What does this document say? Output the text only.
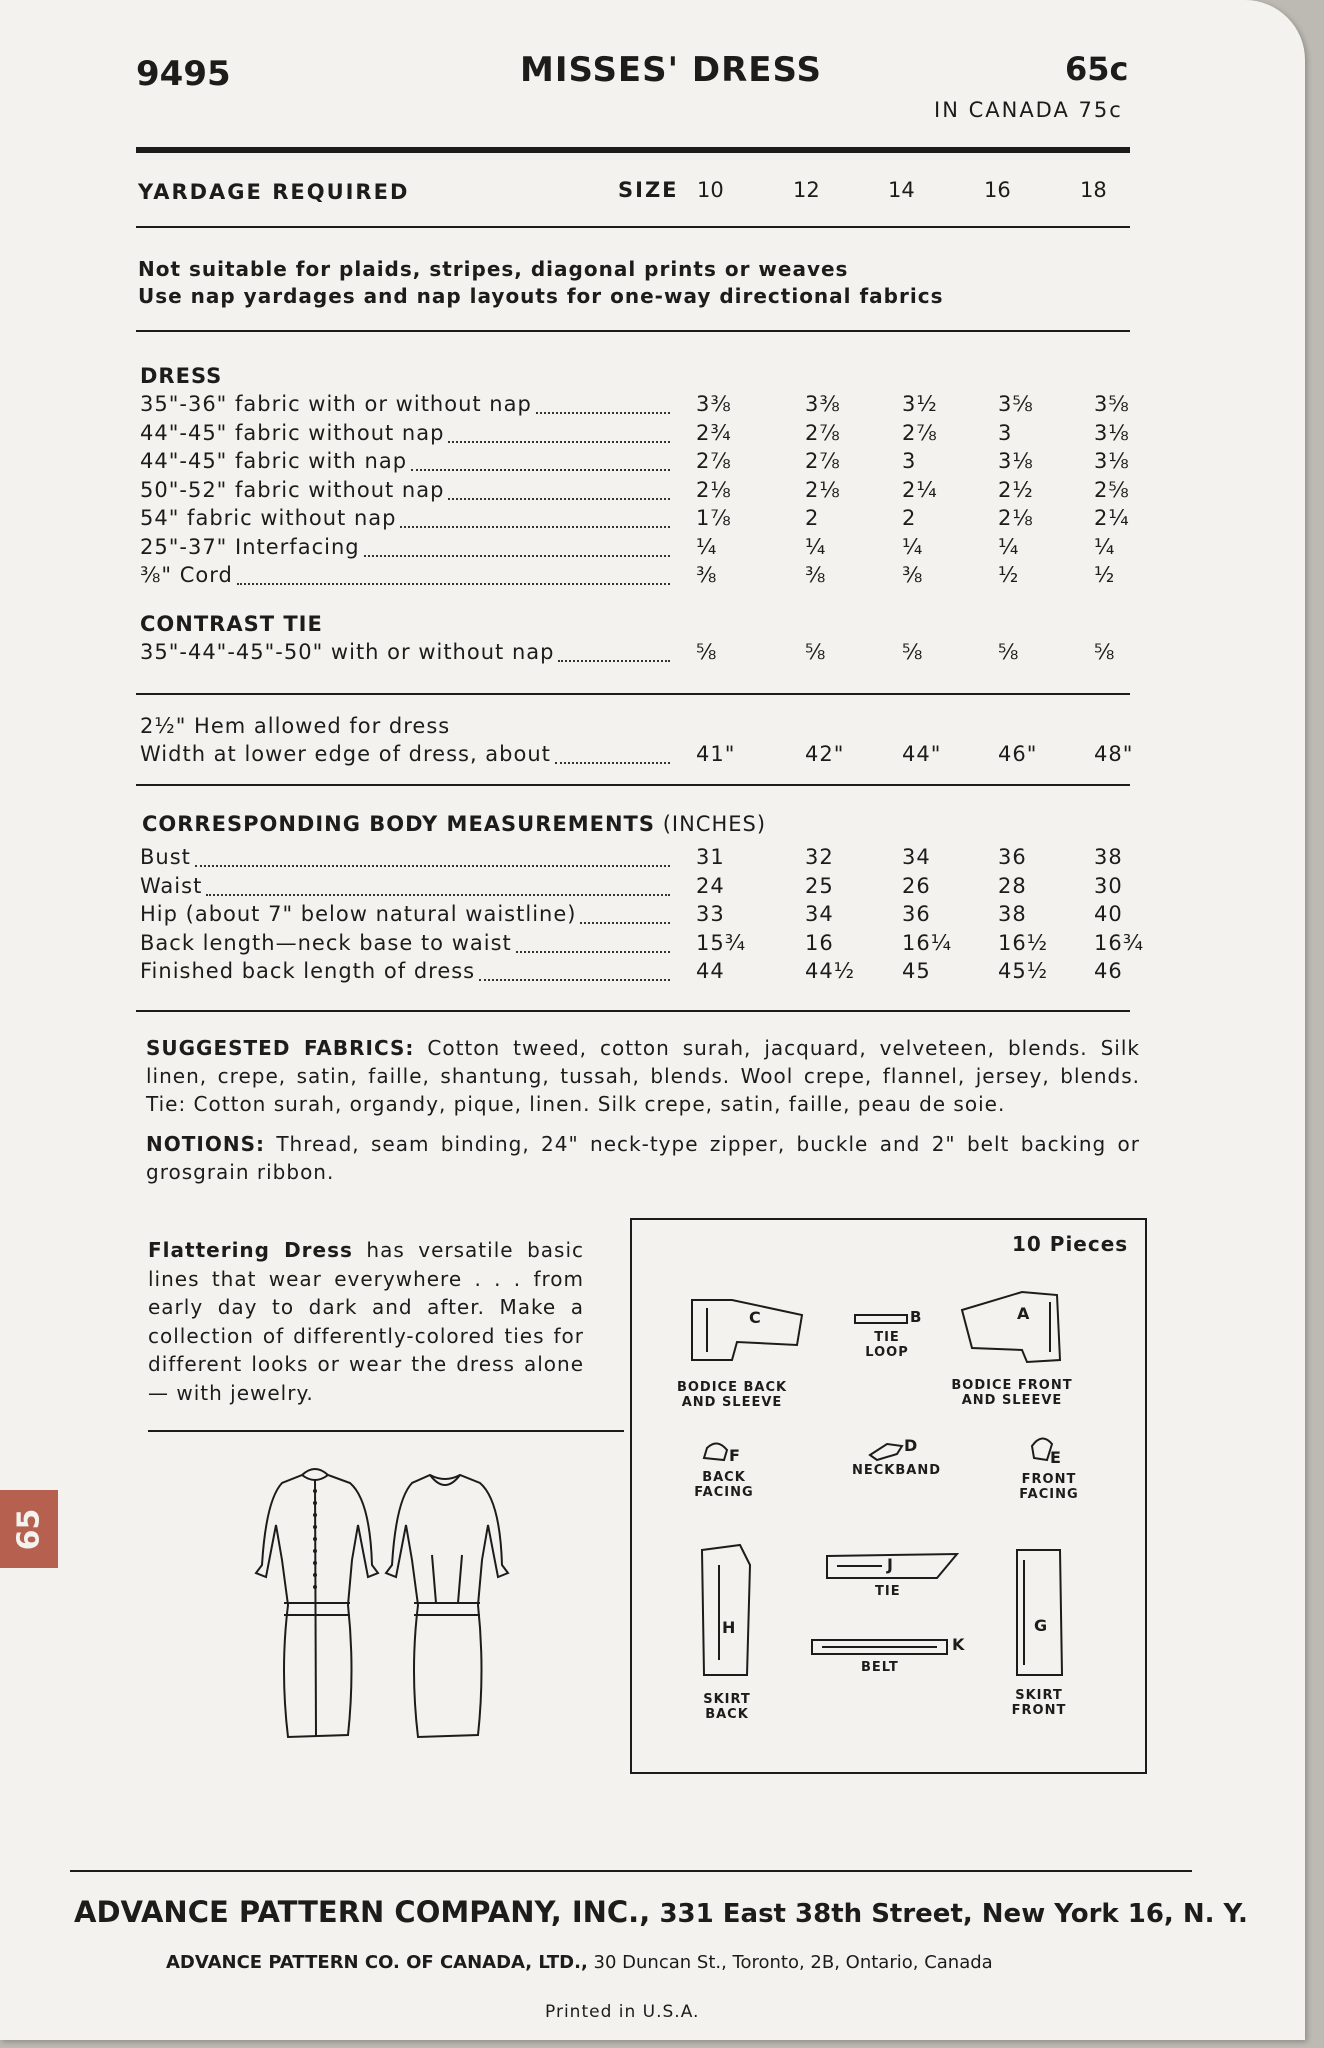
9495	MISSES' DRESS	65c
IN CANADA 75c
YARDAGE REQUIRED	SIZE 10	12	14	16	18
Not suitable for plaids, stripes, diagonal prints or weaves
Use nap yardages and nap layouts for one-way directional fabrics
DRESS
35"-36" fabric with or without nap	3⅜	3⅜	3½	3⅝	3⅝
44"-45" fabric without nap	2¾	2⅞	2⅞	3	3⅛
44"-45" fabric with nap	2⅞	2⅞	3	3⅛	3⅛
50"-52" fabric without nap	2⅛	2⅛	2¼	2½	2⅝
54" fabric without nap	1⅞	2	2	2⅛	2¼
25"-37" Interfacing	¼	¼	¼	¼	¼
⅜" Cord	⅜	⅜	⅜	½	½
CONTRAST TIE
35"-44"-45"-50" with or without nap	⅝	⅝	⅝	⅝	⅝
2½" Hem allowed for dress
Width at lower edge of dress, about	41"	42"	44"	46"	48"
CORRESPONDING BODY MEASUREMENTS (INCHES)
Bust	31	32	34	36	38
Waist	24	25	26	28	30
Hip (about 7" below natural waistline)	33	34	36	38	40
Back length—neck base to waist	15¾	16	16¼ 16½ 16¾
Finished back length of dress	44	44½ 45	45½ 46
SUGGESTED FABRICS: Cotton tweed, cotton surah, jacquard, velveteen, blends. Silk linen, crepe, satin, faille, shantung, tussah, blends. Wool crepe, flannel, jersey, blends. Tie: Cotton surah, organdy, pique, linen. Silk crepe, satin, faille, peau de soie.
NOTIONS: Thread, seam binding, 24" neck-type zipper, buckle and 2" belt backing or grosgrain ribbon.
Flattering Dress has versatile basic lines that wear everywhere . . . from early day to dark and after. Make a collection of differently-colored ties for different looks or wear the dress alone — with jewelry.
10 Pieces
C
BODICE BACK AND SLEEVE
B
TIE LOOP
A
BODICE FRONT AND SLEEVE
F
BACK FACING
D
NECKBAND
E
FRONT FACING
J
TIE
H
SKIRT BACK
K
BELT
G
SKIRT FRONT
65
ADVANCE PATTERN COMPANY, INC., 331 East 38th Street, New York 16, N. Y.
ADVANCE PATTERN CO. OF CANADA, LTD., 30 Duncan St., Toronto, 2B, Ontario, Canada
Printed in U.S.A.
